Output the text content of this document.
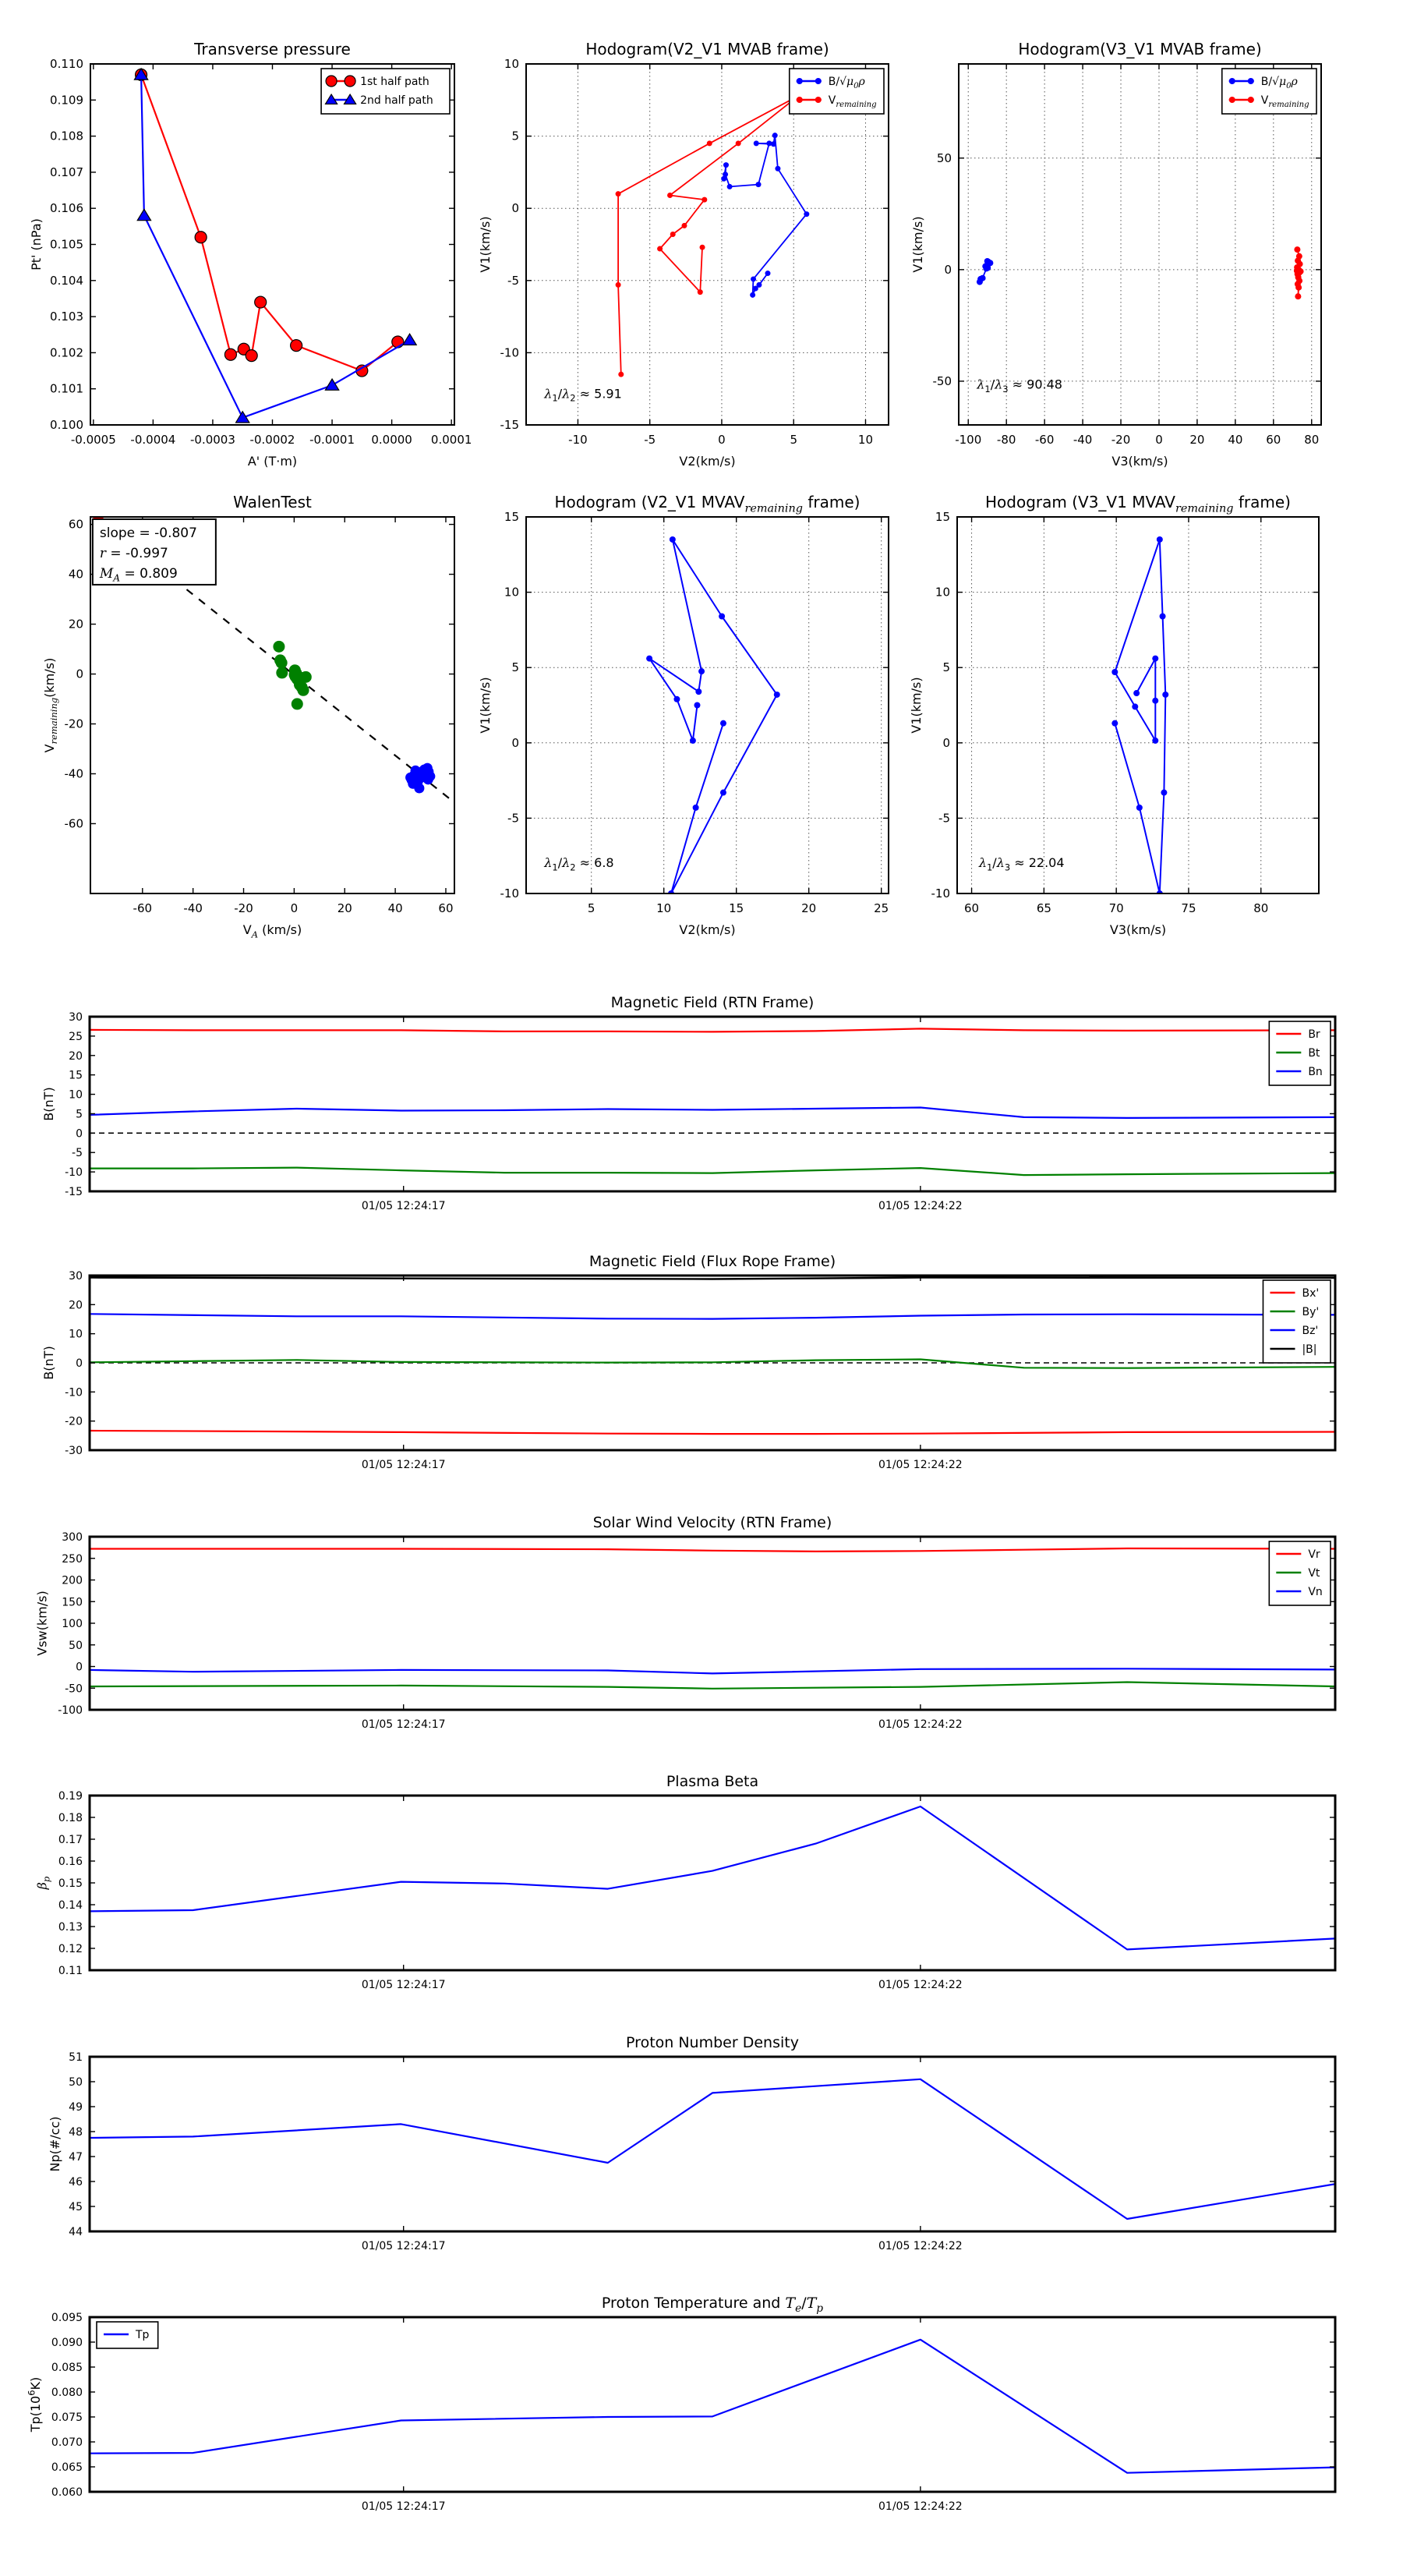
-0.0005 -0.0004 -0.0003 -0.0002 -0.0001 0.0000 0.0001
0.100
0.101
0.102
0.103
0.104
0.105
0.106
0.107
0.108
0.109
0.110
Transverse pressure
A' (T·m)
Pt' (nPa)
1st half path
2nd half path
-10	-5	0	5	10
-15
-10
-5
0
5
10
Hodogram(V2_V1 MVAB frame)
V2(km/s)
V1(km/s)
$B/√\mu_0\rho$
$V_{remaining}$
$\lambda_1/\lambda_2 \approx 5.91$
-100 -80 -60 -40 -20 0 20 40 60 80
-50
0
50
Hodogram(V3_V1 MVAB frame)
V3(km/s)
V1(km/s)
$B/√\mu_0\rho$
$V_{remaining}$
$\lambda_1/\lambda_3 \approx 90.48$
-60	-40	-20	0	20	40	60
-60
-40
-20
0
20
40
60
WalenTest
$V_A$ (km/s)
$V_{remaining}(km/s)$
slope = -0.807
r = -0.997
$M_A = 0.809$
5	10	15	20	25
-10
-5
0
5
10
15
Hodogram (V2_V1 $MVAV_{remaining}$ frame)
V2(km/s)
V1(km/s)
$\lambda_1/\lambda_2 \approx 6.8$
60	65	70	75	80
-10
-5
0
5
10
15
Hodogram (V3_V1 $MVAV_{remaining}$ frame)
V3(km/s)
V1(km/s)
$\lambda_1/\lambda_3 \approx 22.04$
01/05 12:24:17	01/05 12:24:22
30
25
20
15
10
5
0
-5
-10
-15
Magnetic Field (RTN Frame)
B(nT)
Br
Bt
Bn
01/05 12:24:17	01/05 12:24:22
30
20
10
0
-10
-20
-30
Magnetic Field (Flux Rope Frame)
B(nT)
Bx'
By'
Bz'
|B|
01/05 12:24:17	01/05 12:24:22
300
250
200
150
100
50
0
-50
-100
Solar Wind Velocity (RTN Frame)
Vsw(km/s)
Vr
Vt
Vn
01/05 12:24:17	01/05 12:24:22
0.19
0.18
0.17
0.16
0.15
0.14
0.13
0.12
0.11
Plasma Beta
$\beta_p$
01/05 12:24:17	01/05 12:24:22
51
50
49
48
47
46
45
44
Proton Number Density
Np(#/cc)
01/05 12:24:17	01/05 12:24:22
0.095
0.090
0.085
0.080
0.075
0.070
0.065
0.060
Proton Temperature and $T_e/T_p$
$Tp(10^6K)$
Tp
